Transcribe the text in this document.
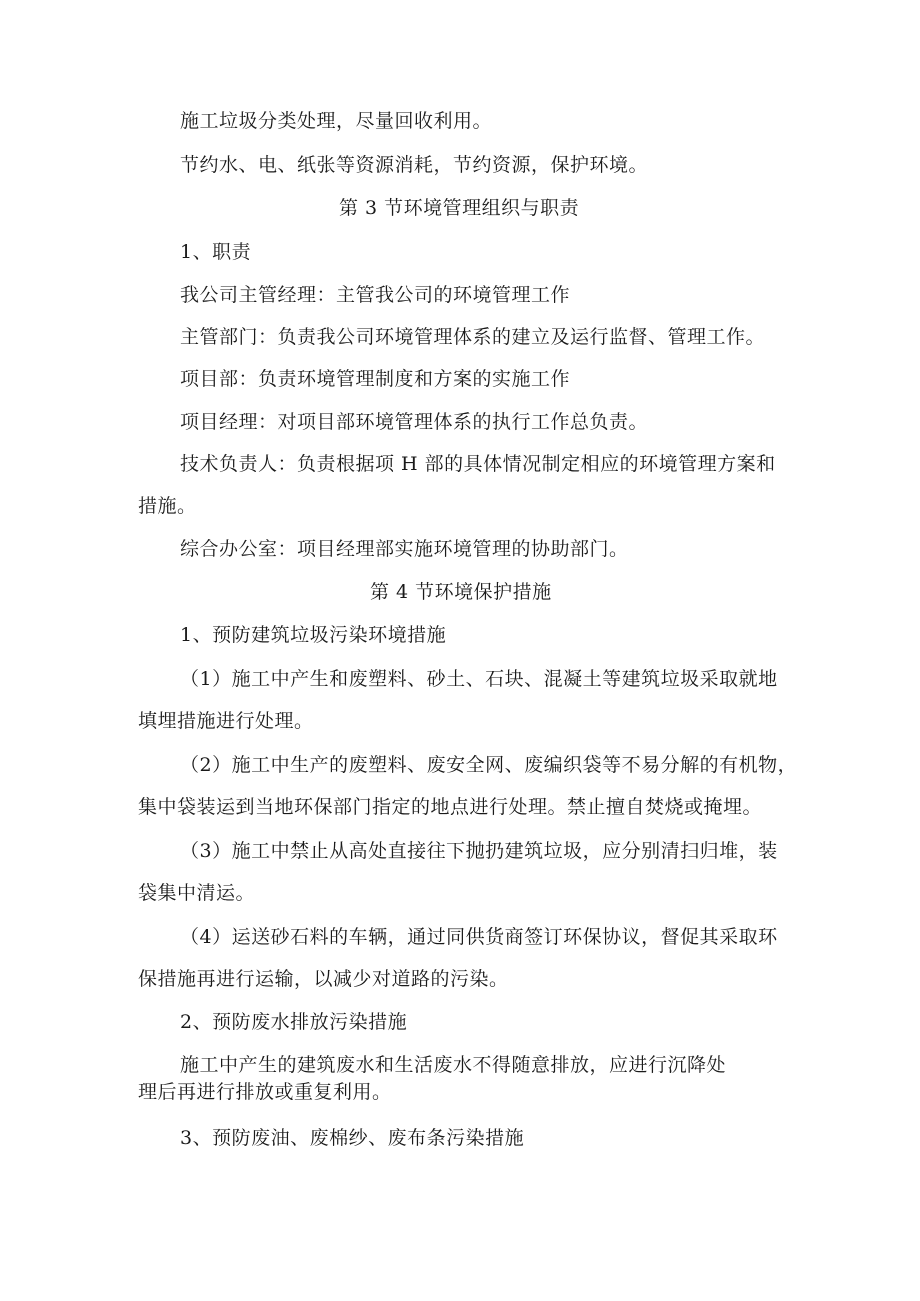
施工垃圾分类处理，尽量回收利用。
节约水、电、纸张等资源消耗，节约资源，保护环境。
第 3 节环境管理组织与职责
1、职责
我公司主管经理：主管我公司的环境管理工作
主管部门：负责我公司环境管理体系的建立及运行监督、管理工作。
项目部：负责环境管理制度和方案的实施工作
项目经理：对项目部环境管理体系的执行工作总负责。
技术负责人：负责根据项 H 部的具体情况制定相应的环境管理方案和
措施。
综合办公室：项目经理部实施环境管理的协助部门。
第 4 节环境保护措施
1、预防建筑垃圾污染环境措施
（1）施工中产生和废塑料、砂土、石块、混凝土等建筑垃圾采取就地
填埋措施进行处理。
（2）施工中生产的废塑料、废安全网、废编织袋等不易分解的有机物，
集中袋装运到当地环保部门指定的地点进行处理。禁止擅自焚烧或掩埋。
（3）施工中禁止从高处直接往下抛扔建筑垃圾，应分别清扫归堆，装
袋集中清运。
（4）运送砂石料的车辆，通过同供货商签订环保协议，督促其采取环
保措施再进行运输，以减少对道路的污染。
2、预防废水排放污染措施
施工中产生的建筑废水和生活废水不得随意排放，应进行沉降处
理后再进行排放或重复利用。
3、预防废油、废棉纱、废布条污染措施
